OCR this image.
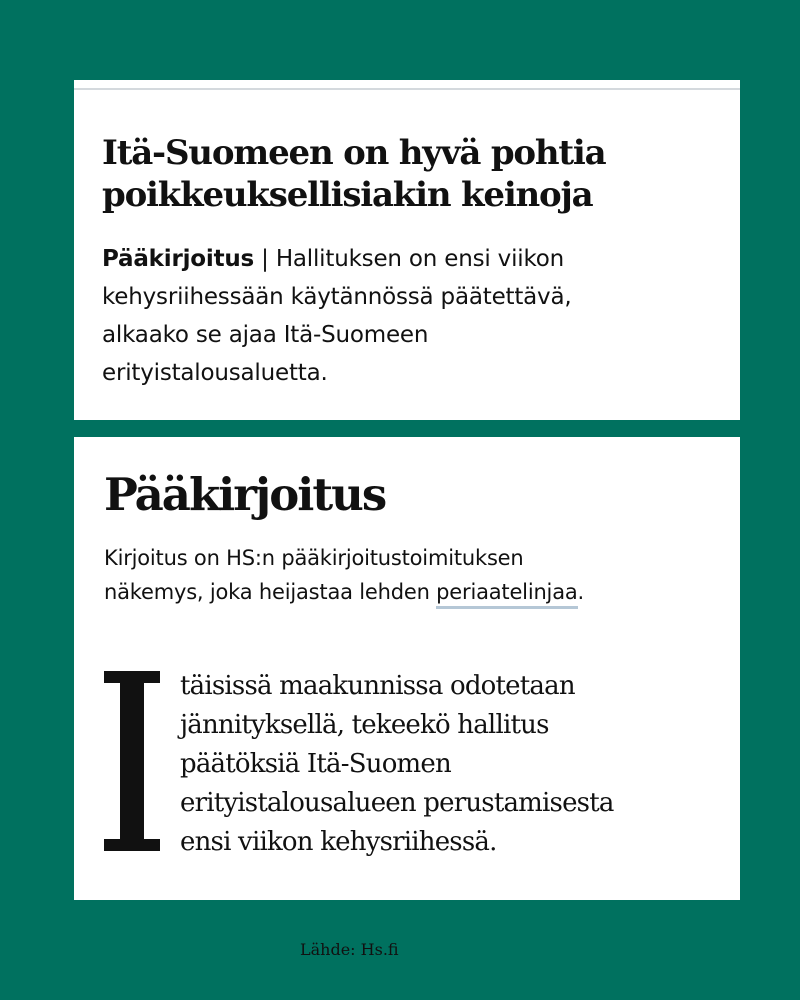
Itä-Suomeen on hyvä pohtia
poikkeuksellisiakin keinoja

Pääkirjoitus | Hallituksen on ensi viikon
kehysriihessään käytännössä päätettävä,
alkaako se ajaa Itä-Suomeen
erityistalousaluetta.

Pääkirjoitus

Kirjoitus on HS:n pääkirjoitustoimituksen
näkemys, joka heijastaa lehden periaatelinjaa.

täisissä maakunnissa odotetaan
jännityksellä, tekeekö hallitus
päätöksiä Itä-Suomen
erityistalousalueen perustamisesta
ensi viikon kehysriihessä.

Lähde: Hs.fi
